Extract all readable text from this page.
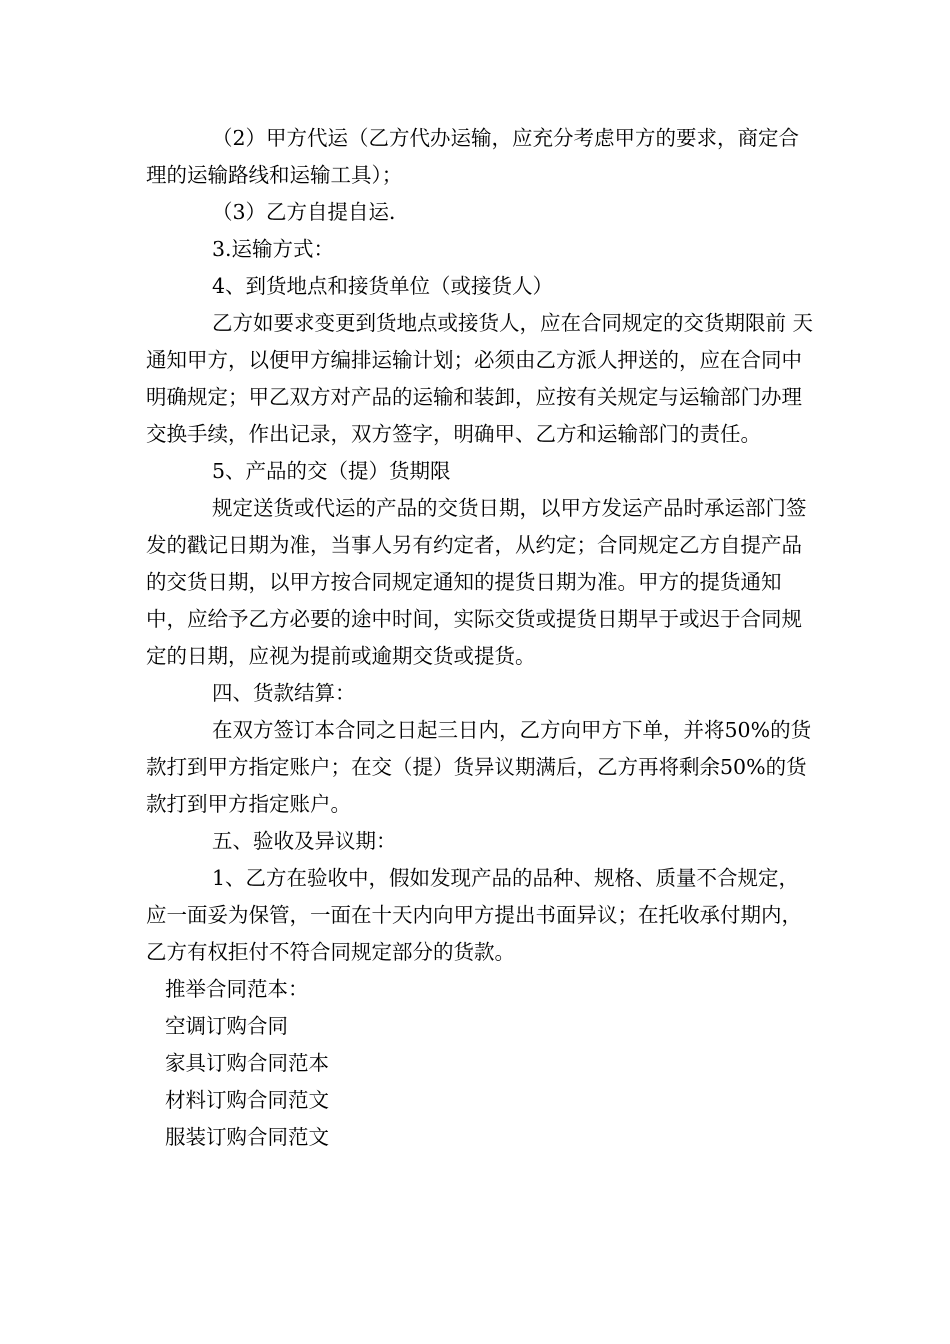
（2）甲方代运（乙方代办运输，应充分考虑甲方的要求，商定合理的运输路线和运输工具）；

（3）乙方自提自运．

3.运输方式：

4、到货地点和接货单位（或接货人）

乙方如要求变更到货地点或接货人，应在合同规定的交货期限前 天通知甲方，以便甲方编排运输计划；必须由乙方派人押送的，应在合同中明确规定；甲乙双方对产品的运输和装卸，应按有关规定与运输部门办理交换手续，作出记录，双方签字，明确甲、乙方和运输部门的责任。

5、产品的交（提）货期限

规定送货或代运的产品的交货日期，以甲方发运产品时承运部门签发的戳记日期为准，当事人另有约定者，从约定；合同规定乙方自提产品的交货日期，以甲方按合同规定通知的提货日期为准。甲方的提货通知中，应给予乙方必要的途中时间，实际交货或提货日期早于或迟于合同规定的日期，应视为提前或逾期交货或提货。

四、货款结算：

在双方签订本合同之日起三日内，乙方向甲方下单，并将50%的货款打到甲方指定账户；在交（提）货异议期满后，乙方再将剩余50%的货款打到甲方指定账户。

五、验收及异议期：

1、乙方在验收中，假如发现产品的品种、规格、质量不合规定，应一面妥为保管，一面在十天内向甲方提出书面异议；在托收承付期内，乙方有权拒付不符合同规定部分的货款。

推举合同范本：

空调订购合同

家具订购合同范本

材料订购合同范文

服装订购合同范文
